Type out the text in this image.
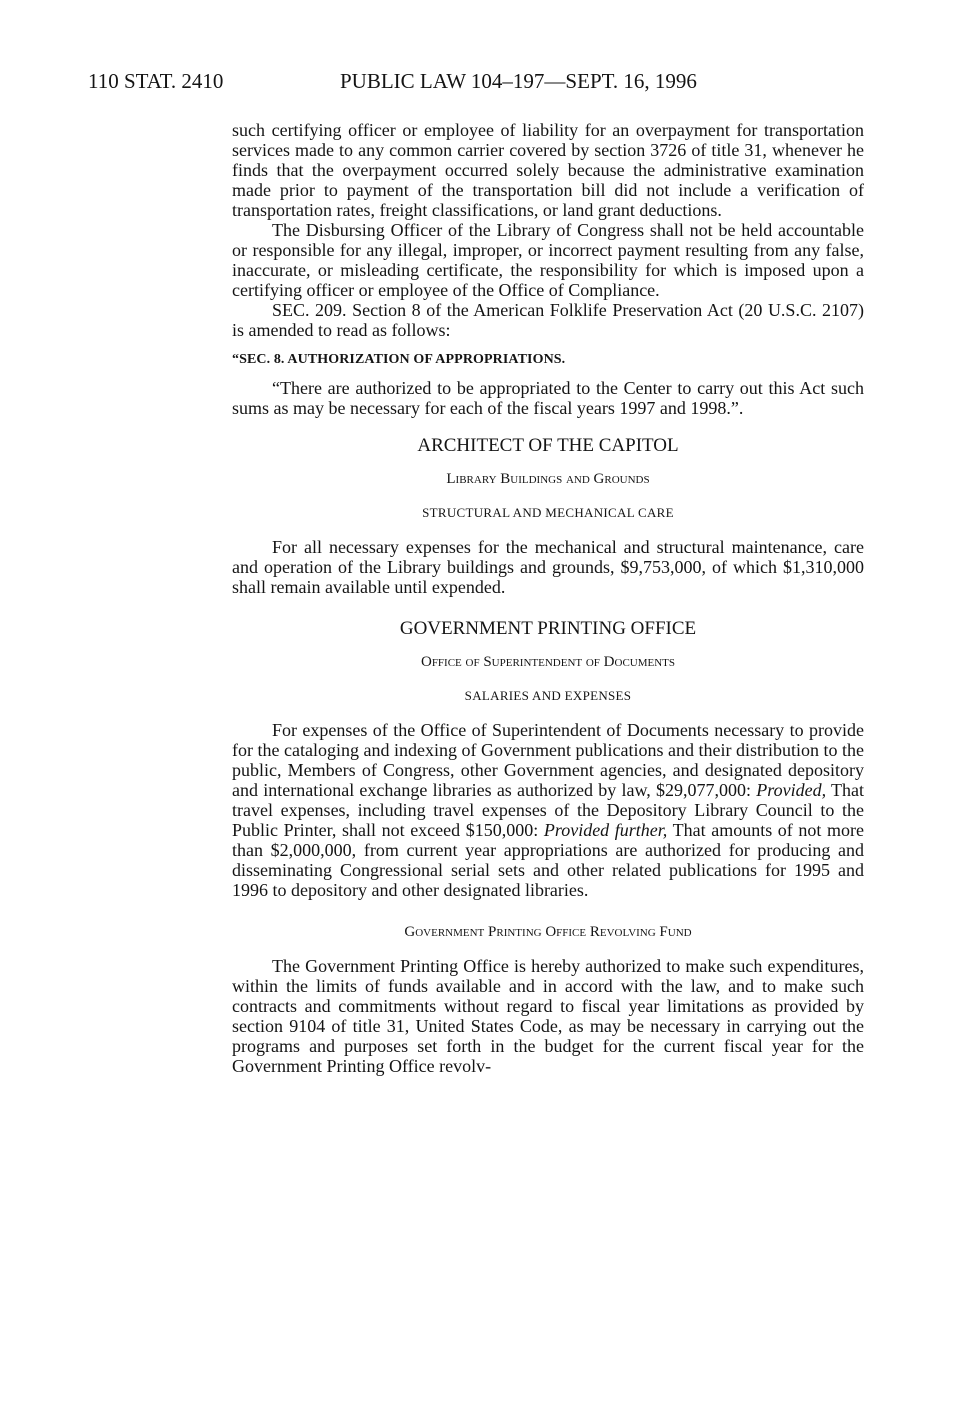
110 STAT. 2410	PUBLIC LAW 104–197—SEPT. 16, 1996

such certifying officer or employee of liability for an overpayment for transportation services made to any common carrier covered by section 3726 of title 31, whenever he finds that the overpayment occurred solely because the administrative examination made prior to payment of the transportation bill did not include a verification of transportation rates, freight classifications, or land grant deductions.

The Disbursing Officer of the Library of Congress shall not be held accountable or responsible for any illegal, improper, or incorrect payment resulting from any false, inaccurate, or misleading certificate, the responsibility for which is imposed upon a certifying officer or employee of the Office of Compliance.

SEC. 209. Section 8 of the American Folklife Preservation Act (20 U.S.C. 2107) is amended to read as follows:

“SEC. 8. AUTHORIZATION OF APPROPRIATIONS.

“There are authorized to be appropriated to the Center to carry out this Act such sums as may be necessary for each of the fiscal years 1997 and 1998.”.

ARCHITECT OF THE CAPITOL
Library Buildings and Grounds
STRUCTURAL AND MECHANICAL CARE

For all necessary expenses for the mechanical and structural maintenance, care and operation of the Library buildings and grounds, $9,753,000, of which $1,310,000 shall remain available until expended.

GOVERNMENT PRINTING OFFICE
Office of Superintendent of Documents
SALARIES AND EXPENSES

For expenses of the Office of Superintendent of Documents necessary to provide for the cataloging and indexing of Government publications and their distribution to the public, Members of Congress, other Government agencies, and designated depository and international exchange libraries as authorized by law, $29,077,000: Provided, That travel expenses, including travel expenses of the Depository Library Council to the Public Printer, shall not exceed $150,000: Provided further, That amounts of not more than $2,000,000, from current year appropriations are authorized for producing and disseminating Congressional serial sets and other related publications for 1995 and 1996 to depository and other designated libraries.

Government Printing Office Revolving Fund

The Government Printing Office is hereby authorized to make such expenditures, within the limits of funds available and in accord with the law, and to make such contracts and commitments without regard to fiscal year limitations as provided by section 9104 of title 31, United States Code, as may be necessary in carrying out the programs and purposes set forth in the budget for the current fiscal year for the Government Printing Office revolv-
